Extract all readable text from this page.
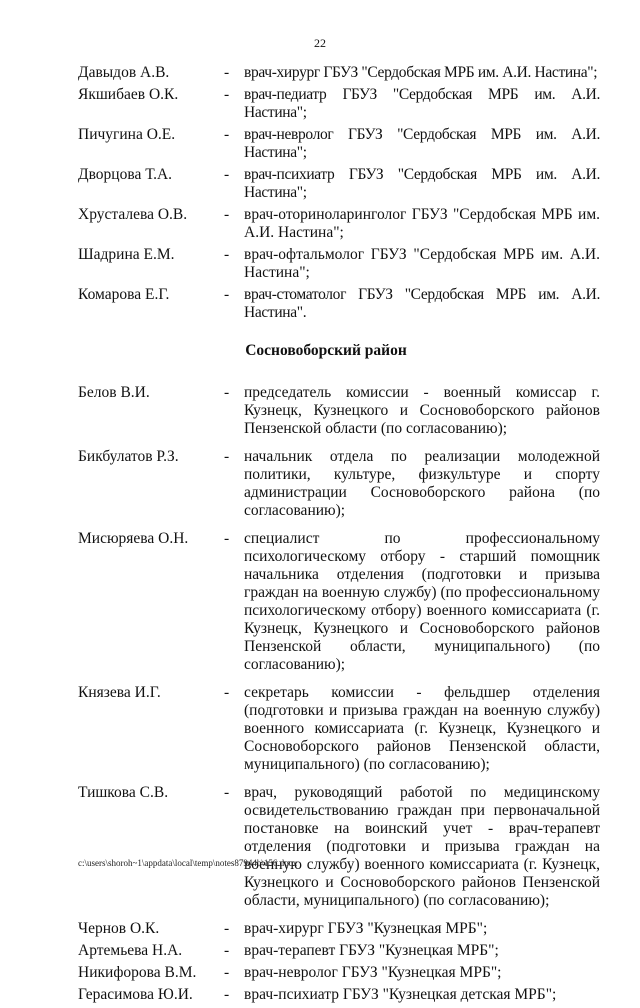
22
Давыдов А.В.	- врач-хирург ГБУЗ "Сердобская МРБ им. А.И. Настина";
Якшибаев О.К.	- врач-педиатр ГБУЗ "Сердобская МРБ им. А.И. Настина";
Пичугина О.Е.	- врач-невролог ГБУЗ "Сердобская МРБ им. А.И. Настина";
Дворцова Т.А.	- врач-психиатр ГБУЗ "Сердобская МРБ им. А.И. Настина";
Хрусталева О.В. - врач-оториноларинголог ГБУЗ "Сердобская МРБ им. А.И. Настина";
Шадрина Е.М.	- врач-офтальмолог ГБУЗ "Сердобская МРБ им. А.И. Настина";
Комарова Е.Г.	- врач-стоматолог ГБУЗ "Сердобская МРБ им. А.И. Настина".
Сосновоборский район
Белов В.И.	- председатель комиссии - военный комиссар г. Кузнецк, Кузнецкого и Сосновоборского районов Пензенской области (по согласованию);
Бикбулатов Р.З.	- начальник отдела по реализации молодежной политики, культуре, физкультуре и спорту администрации Сосновоборского района (по согласованию);
Мисюряева О.Н. - специалист по профессиональному психологическому отбору - старший помощник начальника отделения (подготовки и призыва граждан на военную службу) (по профессиональному психологическому отбору) военного комиссариата (г. Кузнецк, Кузнецкого и Сосновоборского районов Пензенской области, муниципального) (по согласованию);
Князева И.Г.	- секретарь комиссии - фельдшер отделения (подготовки и призыва граждан на военную службу) военного комиссариата (г. Кузнецк, Кузнецкого и Сосновоборского районов Пензенской области, муниципального) (по согласованию);
Тишкова С.В.	- врач, руководящий работой по медицинскому освидетельствованию граждан при первоначальной постановке на воинский учет - врач-терапевт отделения (подготовки и призыва граждан на военную службу) военного комиссариата (г. Кузнецк, Кузнецкого и Сосновоборского районов Пензенской области, муниципального) (по согласованию);
Чернов О.К.	- врач-хирург ГБУЗ "Кузнецкая МРБ";
Артемьева Н.А.	- врач-терапевт ГБУЗ "Кузнецкая МРБ";
Никифорова В.М. - врач-невролог ГБУЗ "Кузнецкая МРБ";
Герасимова Ю.И. - врач-психиатр ГБУЗ "Кузнецкая детская МРБ";
c:\users\shoroh~1\appdata\local\temp\notes87944b\156.docx
